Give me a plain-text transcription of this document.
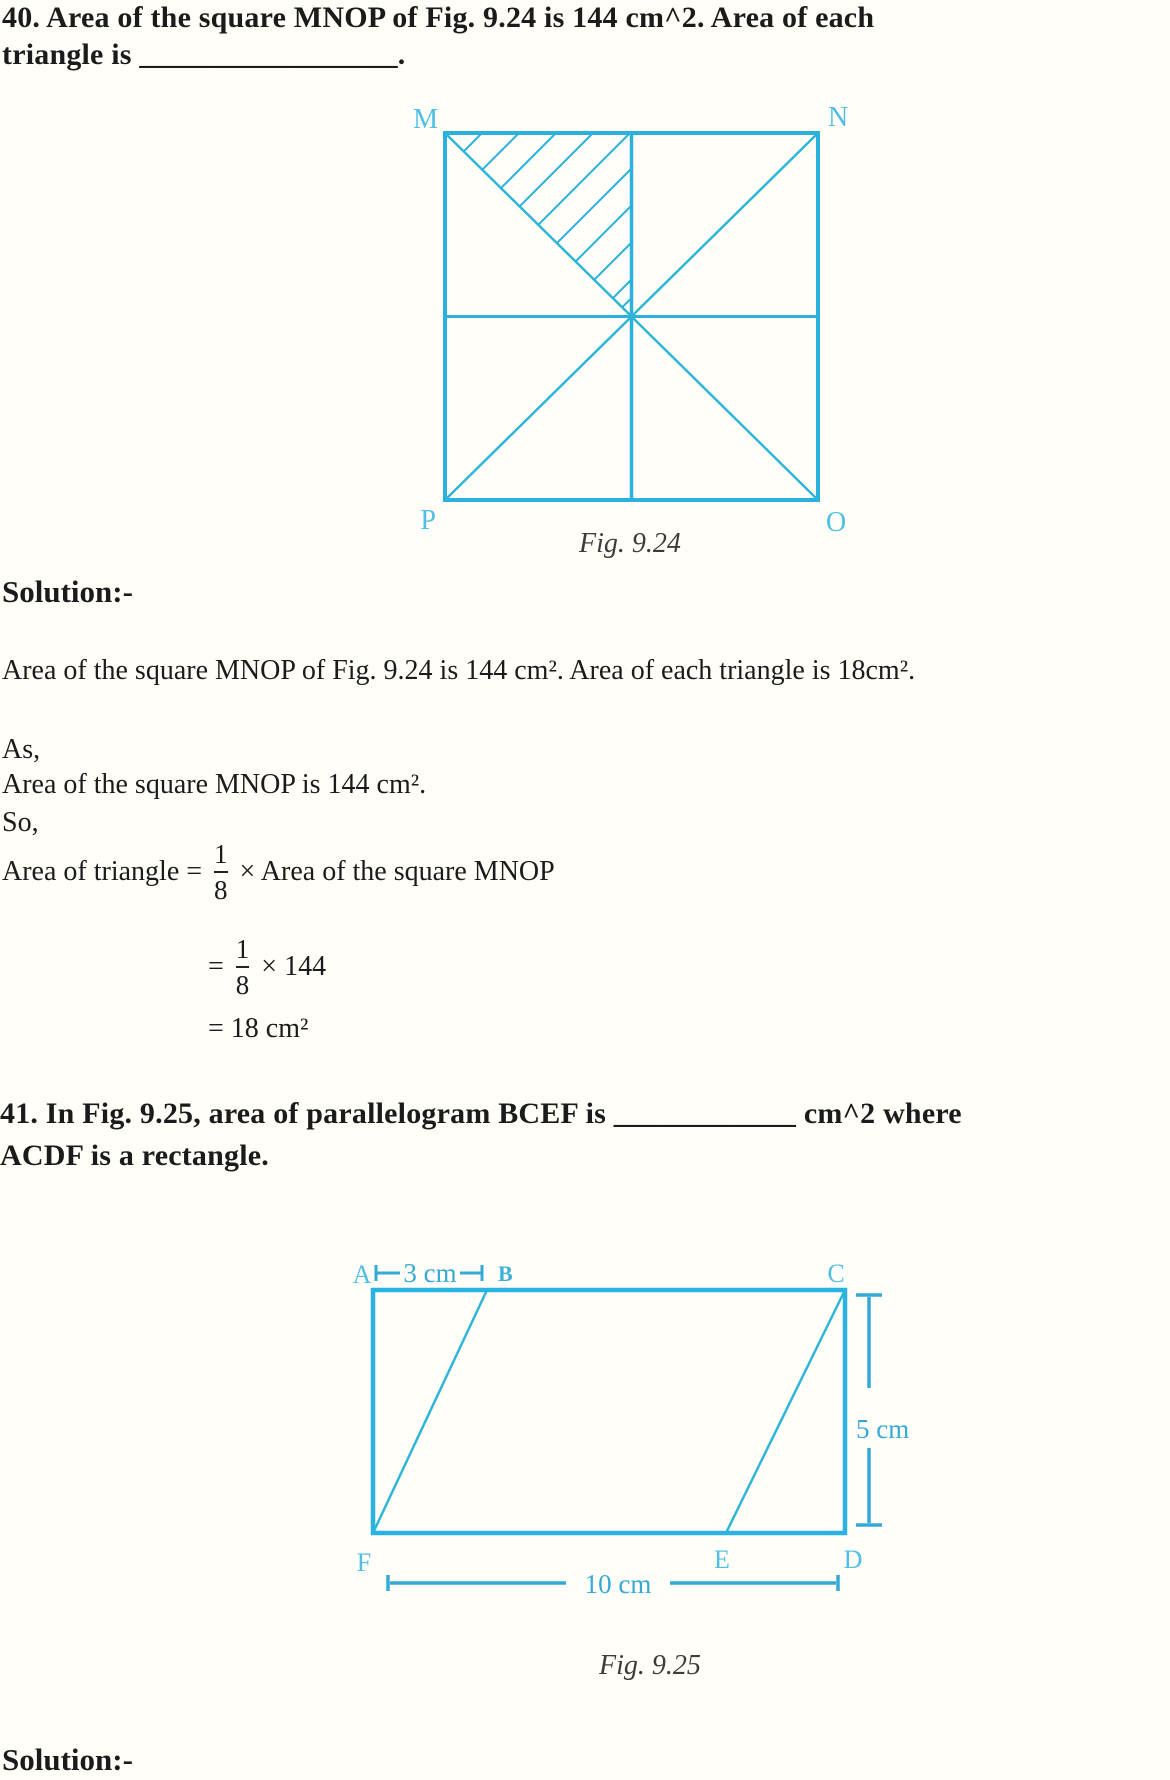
40. Area of the square MNOP of Fig. 9.24 is 144 cm^2. Area of each
triangle is _________________.
M	N
P	O
Fig. 9.24
Solution:-
Area of the square MNOP of Fig. 9.24 is 144 cm². Area of each triangle is 18cm².
As,
Area of the square MNOP is 144 cm².
So,
Area of triangle = $\frac{1}{8}$ × Area of the square MNOP
= $\frac{1}{8} \times 144$
= 18 cm²
41. In Fig. 9.25, area of parallelogram BCEF is ____________ cm^2 where
ACDF is a rectangle.
3 cm
5 cm
10 cm
A	B	C
F	E	D
Fig. 9.25
Solution:-
